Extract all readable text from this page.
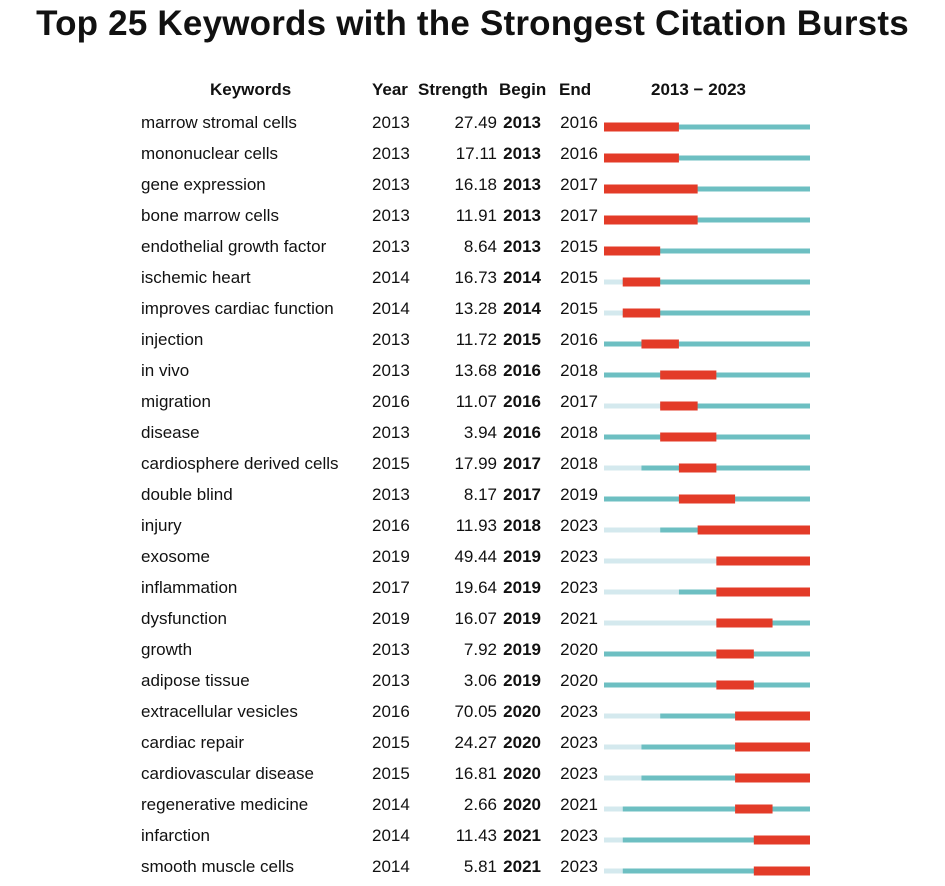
Top 25 Keywords with the Strongest Citation Bursts
Keywords	Year Strength Begin End	2013 − 2023
marrow stromal cells	2013	27.49 2013 2016
mononuclear cells	2013	17.11 2013 2016
gene expression	2013	16.18 2013 2017
bone marrow cells	2013	11.91 2013 2017
endothelial growth factor	2013	8.64 2013 2015
ischemic heart	2014	16.73 2014 2015
improves cardiac function 2014	13.28 2014 2015
injection	2013	11.72 2015 2016
in vivo	2013	13.68 2016 2018
migration	2016	11.07 2016 2017
disease	2013	3.94 2016 2018
cardiosphere derived cells 2015	17.99 2017 2018
double blind	2013	8.17 2017 2019
injury	2016	11.93 2018 2023
exosome	2019	49.44 2019 2023
inflammation	2017	19.64 2019 2023
dysfunction	2019	16.07 2019 2021
growth	2013	7.92 2019 2020
adipose tissue	2013	3.06 2019 2020
extracellular vesicles	2016	70.05 2020 2023
cardiac repair	2015	24.27 2020 2023
cardiovascular disease	2015	16.81 2020 2023
regenerative medicine	2014	2.66 2020 2021
infarction	2014	11.43 2021 2023
smooth muscle cells	2014	5.81 2021 2023
